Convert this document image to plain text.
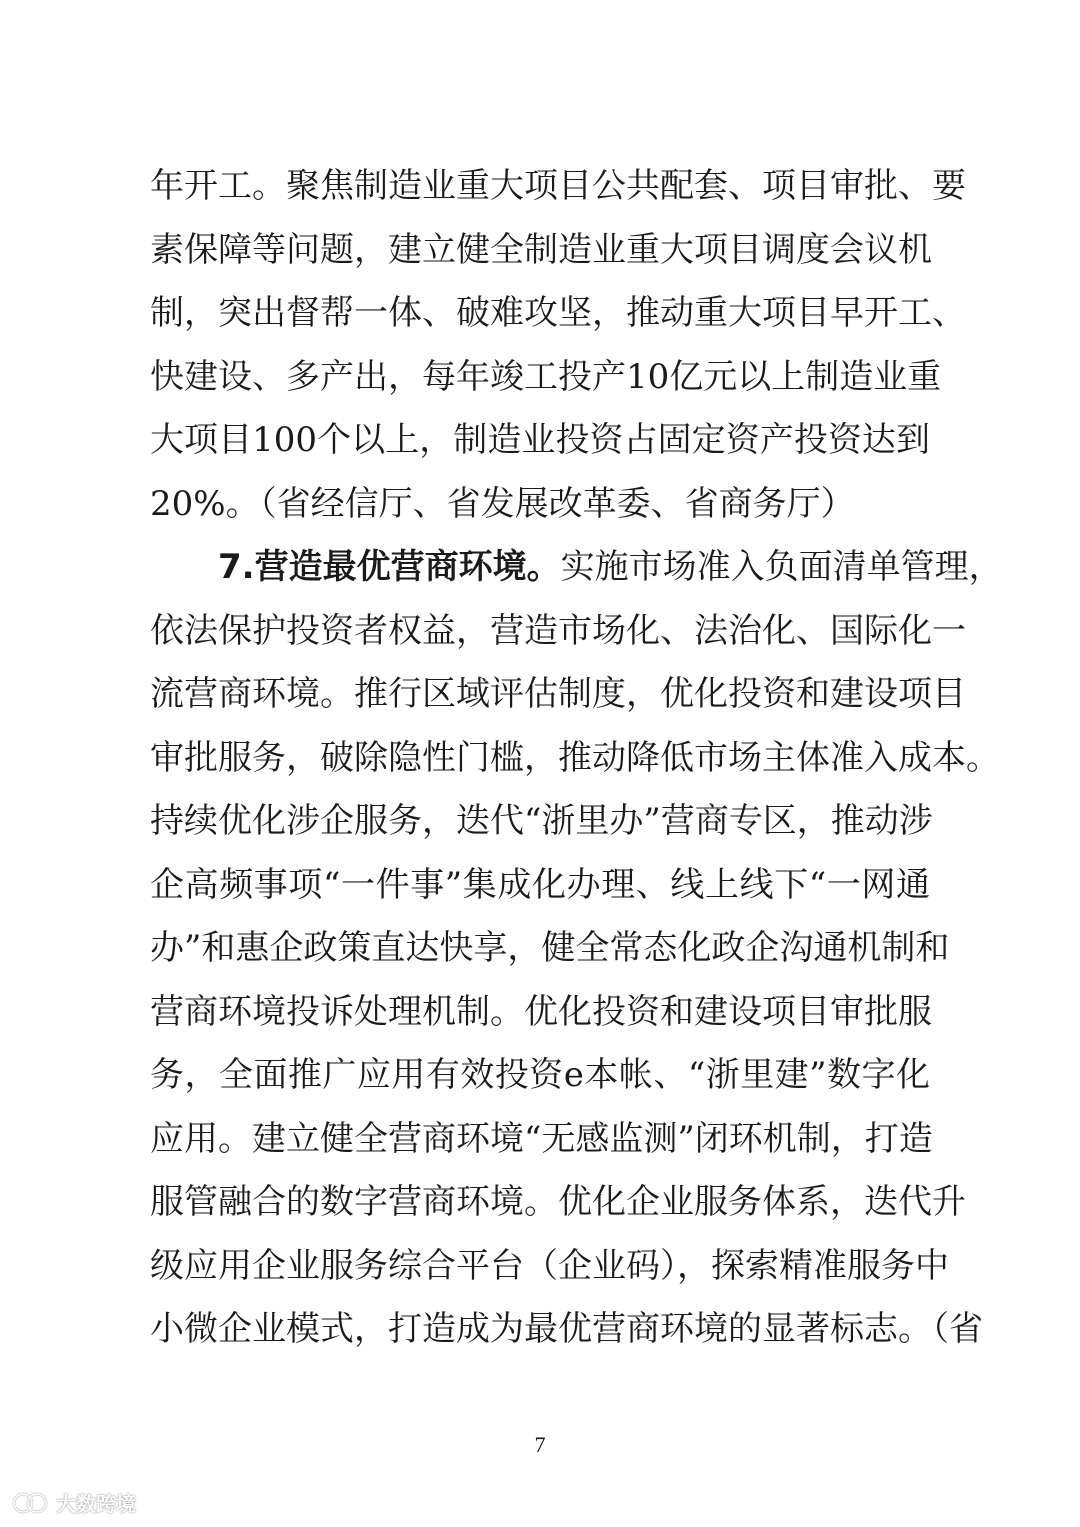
年开工。聚焦制造业重大项目公共配套、项目审批、要
素保障等问题，建立健全制造业重大项目调度会议机
制，突出督帮一体、破难攻坚，推动重大项目早开工、
快建设、多产出，每年竣工投产10亿元以上制造业重
大项目100个以上，制造业投资占固定资产投资达到
20%。（省经信厅、省发展改革委、省商务厅）
7.营造最优营商环境。实施市场准入负面清单管理，
依法保护投资者权益，营造市场化、法治化、国际化一
流营商环境。推行区域评估制度，优化投资和建设项目
审批服务，破除隐性门槛，推动降低市场主体准入成本。
持续优化涉企服务，迭代“浙里办”营商专区，推动涉
企高频事项“一件事”集成化办理、线上线下“一网通
办”和惠企政策直达快享，健全常态化政企沟通机制和
营商环境投诉处理机制。优化投资和建设项目审批服
务，全面推广应用有效投资e本帐、“浙里建”数字化
应用。建立健全营商环境“无感监测”闭环机制，打造
服管融合的数字营商环境。优化企业服务体系，迭代升
级应用企业服务综合平台（企业码），探索精准服务中
小微企业模式，打造成为最优营商环境的显著标志。（省
7
大数跨境
